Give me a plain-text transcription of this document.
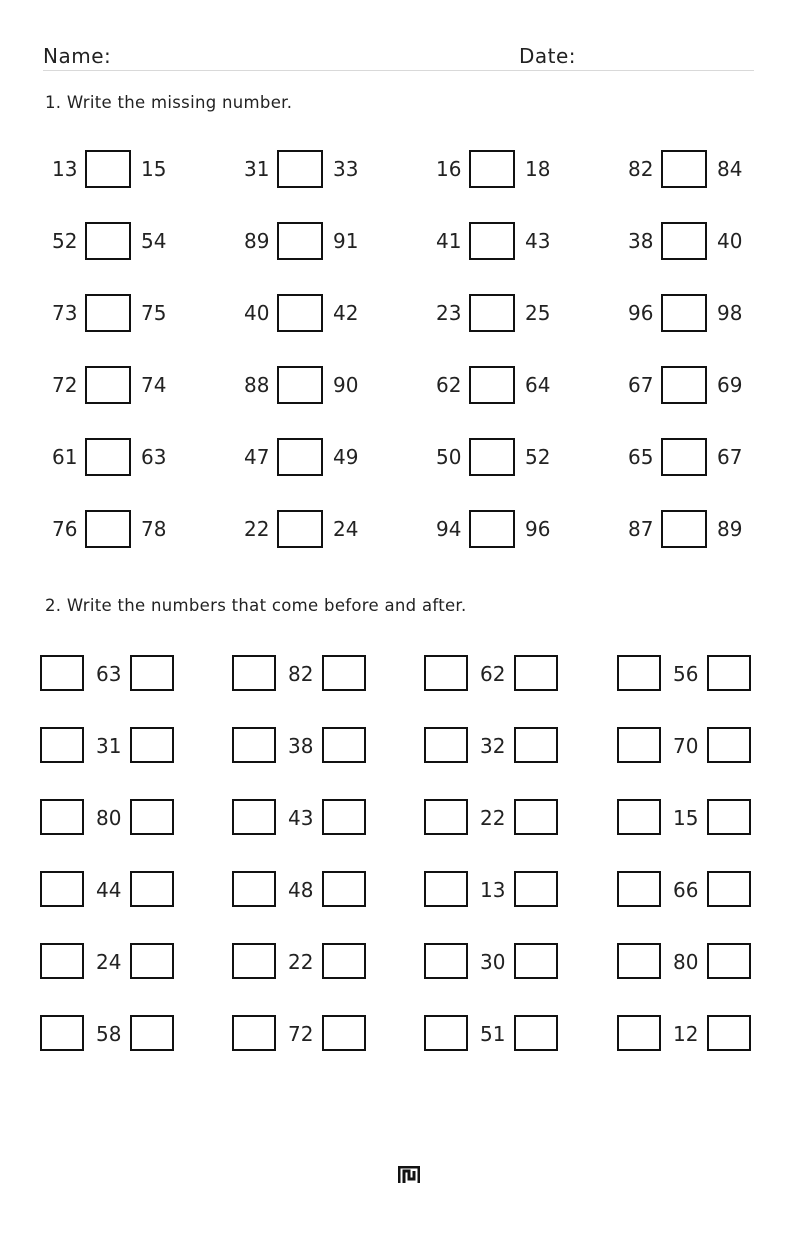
Name:	Date:
1. Write the missing number.
2. Write the numbers that come before and after.
13	15	31	33	16	18	82	84
52	54	89	91	41	43	38	40
73	75	40	42	23	25	96	98
72	74	88	90	62	64	67	69
61	63	47	49	50	52	65	67
76	78	22	24	94	96	87	89
63	82	62	56
31	38	32	70
80	43	22	15
44	48	13	66
24	22	30	80
58	72	51	12
